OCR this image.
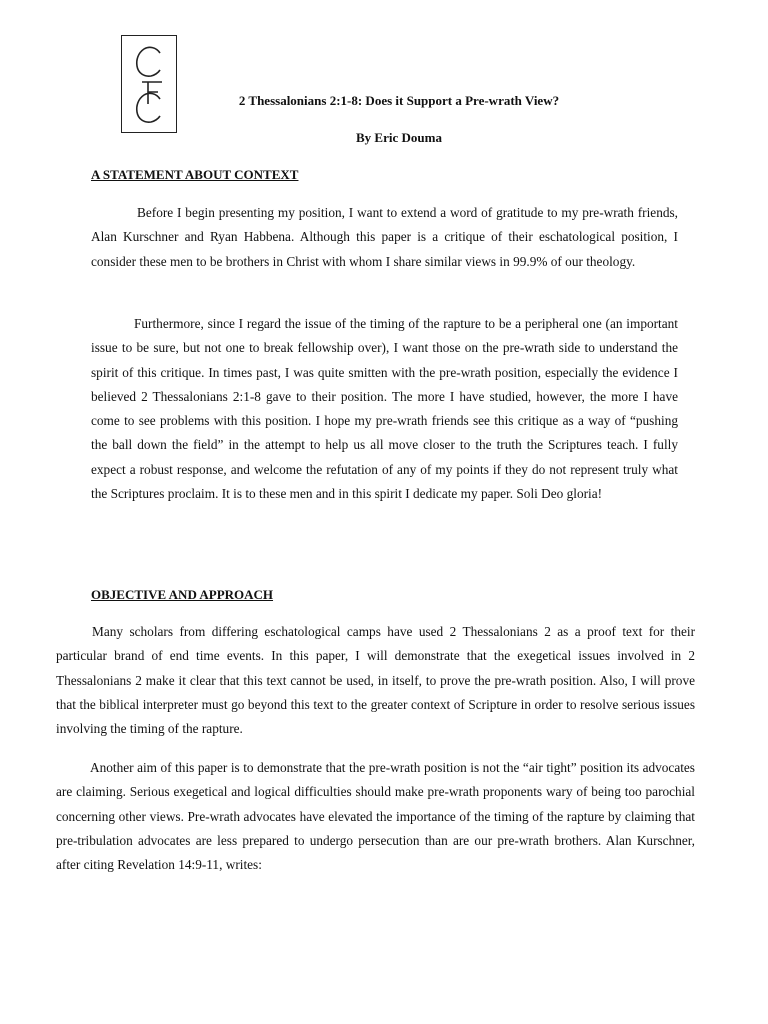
2 Thessalonians 2:1-8: Does it Support a Pre-wrath View?
By Eric Douma
A STATEMENT ABOUT CONTEXT

Before I begin presenting my position, I want to extend a word of gratitude to my pre-wrath friends, Alan Kurschner and Ryan Habbena. Although this paper is a critique of their eschatological position, I consider these men to be brothers in Christ with whom I share similar views in 99.9% of our theology.

Furthermore, since I regard the issue of the timing of the rapture to be a peripheral one (an important issue to be sure, but not one to break fellowship over), I want those on the pre-wrath side to understand the spirit of this critique. In times past, I was quite smitten with the pre-wrath position, especially the evidence I believed 2 Thessalonians 2:1-8 gave to their position. The more I have studied, however, the more I have come to see problems with this position. I hope my pre-wrath friends see this critique as a way of “pushing the ball down the field” in the attempt to help us all move closer to the truth the Scriptures teach. I fully expect a robust response, and welcome the refutation of any of my points if they do not represent truly what the Scriptures proclaim. It is to these men and in this spirit I dedicate my paper. Soli Deo gloria!

OBJECTIVE AND APPROACH

Many scholars from differing eschatological camps have used 2 Thessalonians 2 as a proof text for their particular brand of end time events. In this paper, I will demonstrate that the exegetical issues involved in 2 Thessalonians 2 make it clear that this text cannot be used, in itself, to prove the pre-wrath position. Also, I will prove that the biblical interpreter must go beyond this text to the greater context of Scripture in order to resolve serious issues involving the timing of the rapture.

Another aim of this paper is to demonstrate that the pre-wrath position is not the “air tight” position its advocates are claiming. Serious exegetical and logical difficulties should make pre-wrath proponents wary of being too parochial concerning other views. Pre-wrath advocates have elevated the importance of the timing of the rapture by claiming that pre-tribulation advocates are less prepared to undergo persecution than are our pre-wrath brothers. Alan Kurschner, after citing Revelation 14:9-11, writes:
